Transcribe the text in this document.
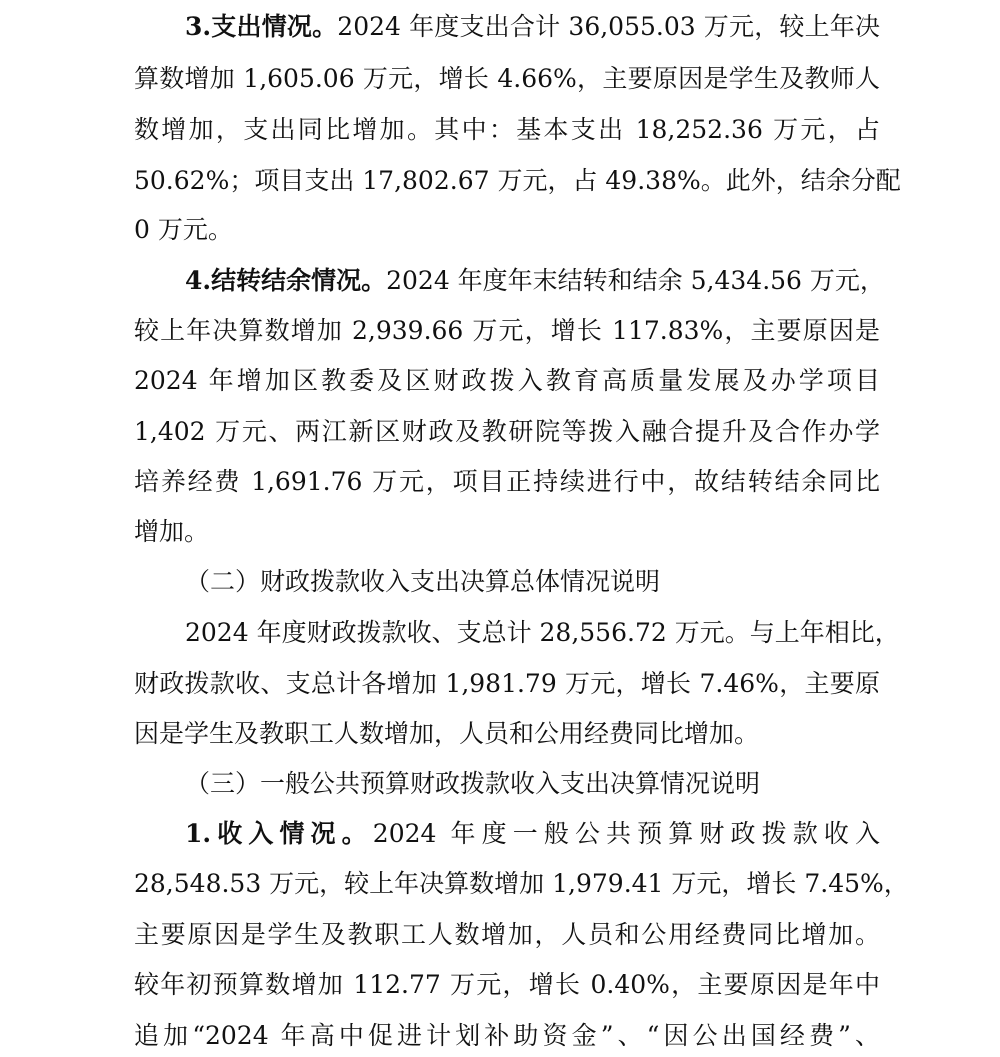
3.支出情况。2024 年度支出合计 36,055.03 万元，较上年决
算数增加 1,605.06 万元，增长 4.66%，主要原因是学生及教师人
数增加，支出同比增加。其中：基本支出 18,252.36 万元，占
50.62%；项目支出 17,802.67 万元，占 49.38%。此外，结余分配
0 万元。
4.结转结余情况。2024 年度年末结转和结余 5,434.56 万元，
较上年决算数增加 2,939.66 万元，增长 117.83%，主要原因是
2024 年增加区教委及区财政拨入教育高质量发展及办学项目
1,402 万元、两江新区财政及教研院等拨入融合提升及合作办学
培养经费 1,691.76 万元，项目正持续进行中，故结转结余同比
增加。
（二）财政拨款收入支出决算总体情况说明
2024 年度财政拨款收、支总计 28,556.72 万元。与上年相比，
财政拨款收、支总计各增加 1,981.79 万元，增长 7.46%，主要原
因是学生及教职工人数增加，人员和公用经费同比增加。
（三）一般公共预算财政拨款收入支出决算情况说明
1.收入情况。2024 年度一般公共预算财政拨款收入
28,548.53 万元，较上年决算数增加 1,979.41 万元，增长 7.45%，
主要原因是学生及教职工人数增加，人员和公用经费同比增加。
较年初预算数增加 112.77 万元，增长 0.40%，主要原因是年中
追加“2024 年高中促进计划补助资金”、“因公出国经费”、
